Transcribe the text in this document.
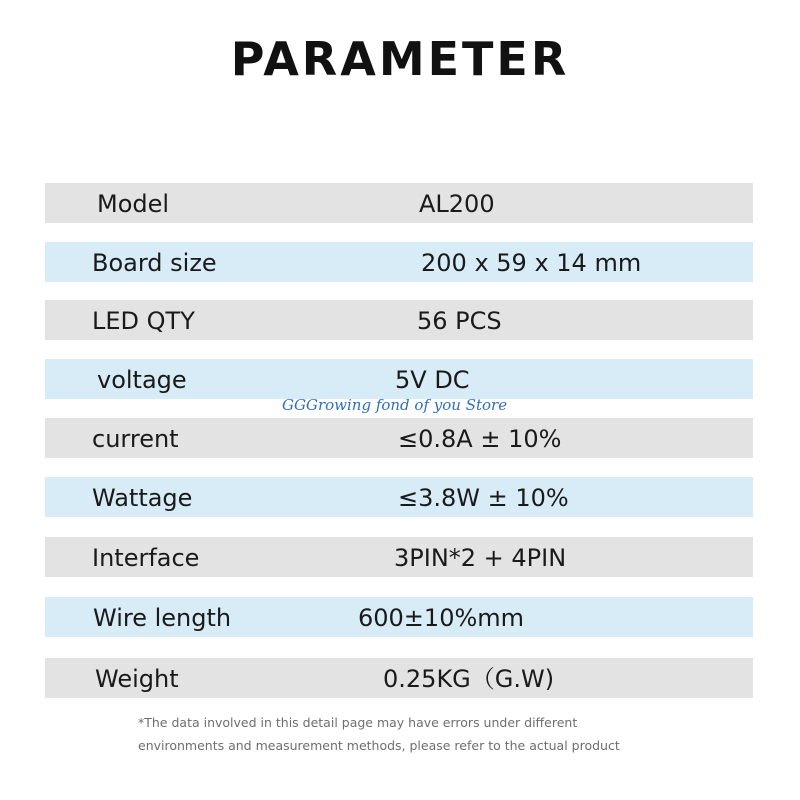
PARAMETER
Model	AL200
Board size	200 x 59 x 14 mm
LED QTY	56 PCS
voltage	5V DC
current	≤0.8A ± 10%
Wattage	≤3.8W ± 10%
Interface	3PIN*2 + 4PIN
Wire length	600±10%mm
Weight	0.25KG（G.W)
GGGrowing fond of you Store
*The data involved in this detail page may have errors under different
environments and measurement methods, please refer to the actual product
